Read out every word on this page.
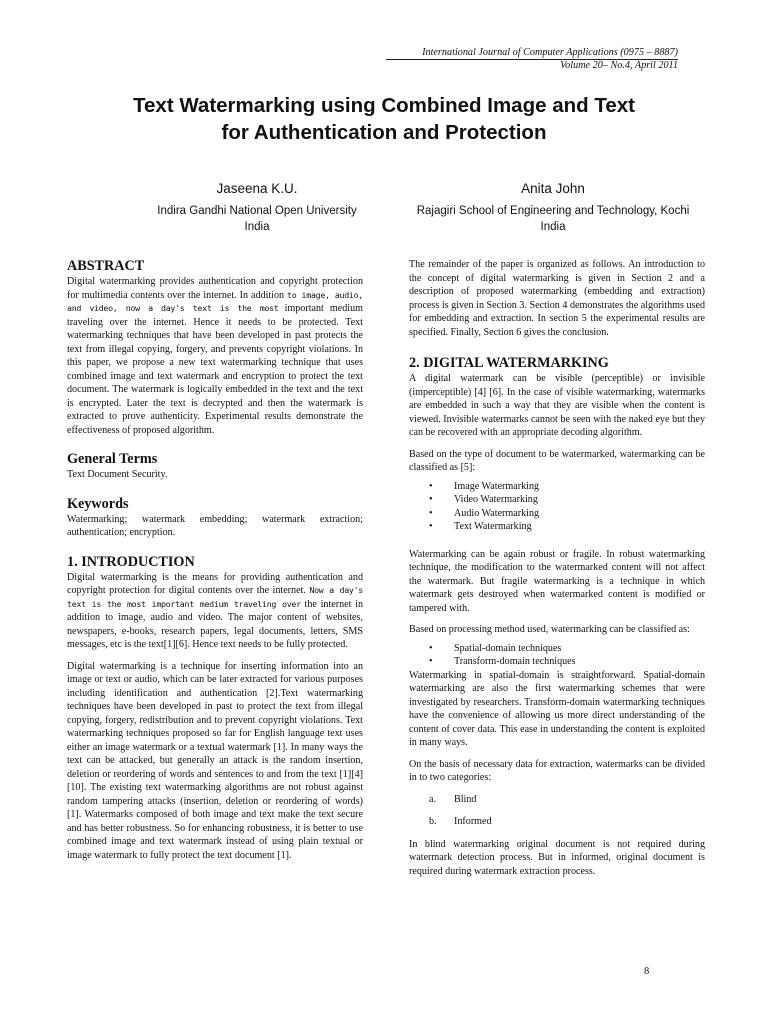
International Journal of Computer Applications (0975 – 8887)
Volume 20– No.4, April 2011
Text Watermarking using Combined Image and Text
for Authentication and Protection
Jaseena K.U.
Indira Gandhi National Open University
India
Anita John
Rajagiri School of Engineering and Technology, Kochi
India
ABSTRACT

Digital watermarking provides authentication and copyright protection for multimedia contents over the internet. In addition to image, audio, and video, now a day's text is the most important medium traveling over the internet. Hence it needs to be protected. Text watermarking techniques that have been developed in past protects the text from illegal copying, forgery, and prevents copyright violations. In this paper, we propose a new text watermarking technique that uses combined image and text watermark and encryption to protect the text document. The watermark is logically embedded in the text and the text is encrypted. Later the text is decrypted and then the watermark is extracted to prove authenticity. Experimental results demonstrate the effectiveness of proposed algorithm.

General Terms

Text Document Security.

Keywords

Watermarking; watermark embedding; watermark extraction; authentication; encryption.

1. INTRODUCTION

Digital watermarking is the means for providing authentication and copyright protection for digital contents over the internet. Now a day's text is the most important medium traveling over the internet in addition to image, audio and video. The major content of websites, newspapers, e-books, research papers, legal documents, letters, SMS messages, etc is the text[1][6]. Hence text needs to be fully protected.

Digital watermarking is a technique for inserting information into an image or text or audio, which can be later extracted for various purposes including identification and authentication [2].Text watermarking techniques have been developed in past to protect the text from illegal copying, forgery, redistribution and to prevent copyright violations. Text watermarking techniques proposed so far for English language text uses either an image watermark or a textual watermark [1]. In many ways the text can be attacked, but generally an attack is the random insertion, deletion or reordering of words and sentences to and from the text [1][4][10]. The existing text watermarking algorithms are not robust against random tampering attacks (insertion, deletion or reordering of words) [1]. Watermarks composed of both image and text make the text secure and has better robustness. So for enhancing robustness, it is better to use combined image and text watermark instead of using plain textual or image watermark to fully protect the text document [1].

The remainder of the paper is organized as follows. An introduction to the concept of digital watermarking is given in Section 2 and a description of proposed watermarking (embedding and extraction) process is given in Section 3. Section 4 demonstrates the algorithms used for embedding and extraction. In section 5 the experimental results are specified. Finally, Section 6 gives the conclusion.

2. DIGITAL WATERMARKING

A digital watermark can be visible (perceptible) or invisible (imperceptible) [4] [6]. In the case of visible watermarking, watermarks are embedded in such a way that they are visible when the content is viewed. Invisible watermarks cannot be seen with the naked eye but they can be recovered with an appropriate decoding algorithm.

Based on the type of document to be watermarked, watermarking can be classified as [5]:

• Image Watermarking
• Video Watermarking
• Audio Watermarking
• Text Watermarking

Watermarking can be again robust or fragile. In robust watermarking technique, the modification to the watermarked content will not affect the watermark. But fragile watermarking is a technique in which watermark gets destroyed when watermarked content is modified or tampered with.

Based on processing method used, watermarking can be classified as:

• Spatial-domain techniques
• Transform-domain techniques

Watermarking in spatial-domain is straightforward. Spatial-domain watermarking are also the first watermarking schemes that were investigated by researchers. Transform-domain watermarking techniques have the convenience of allowing us more direct understanding of the content of cover data. This ease in understanding the content is exploited in many ways.

On the basis of necessary data for extraction, watermarks can be divided in to two categories:

a. Blind
b. Informed

In blind watermarking original document is not required during watermark detection process. But in informed, original document is required during watermark extraction process.

8
